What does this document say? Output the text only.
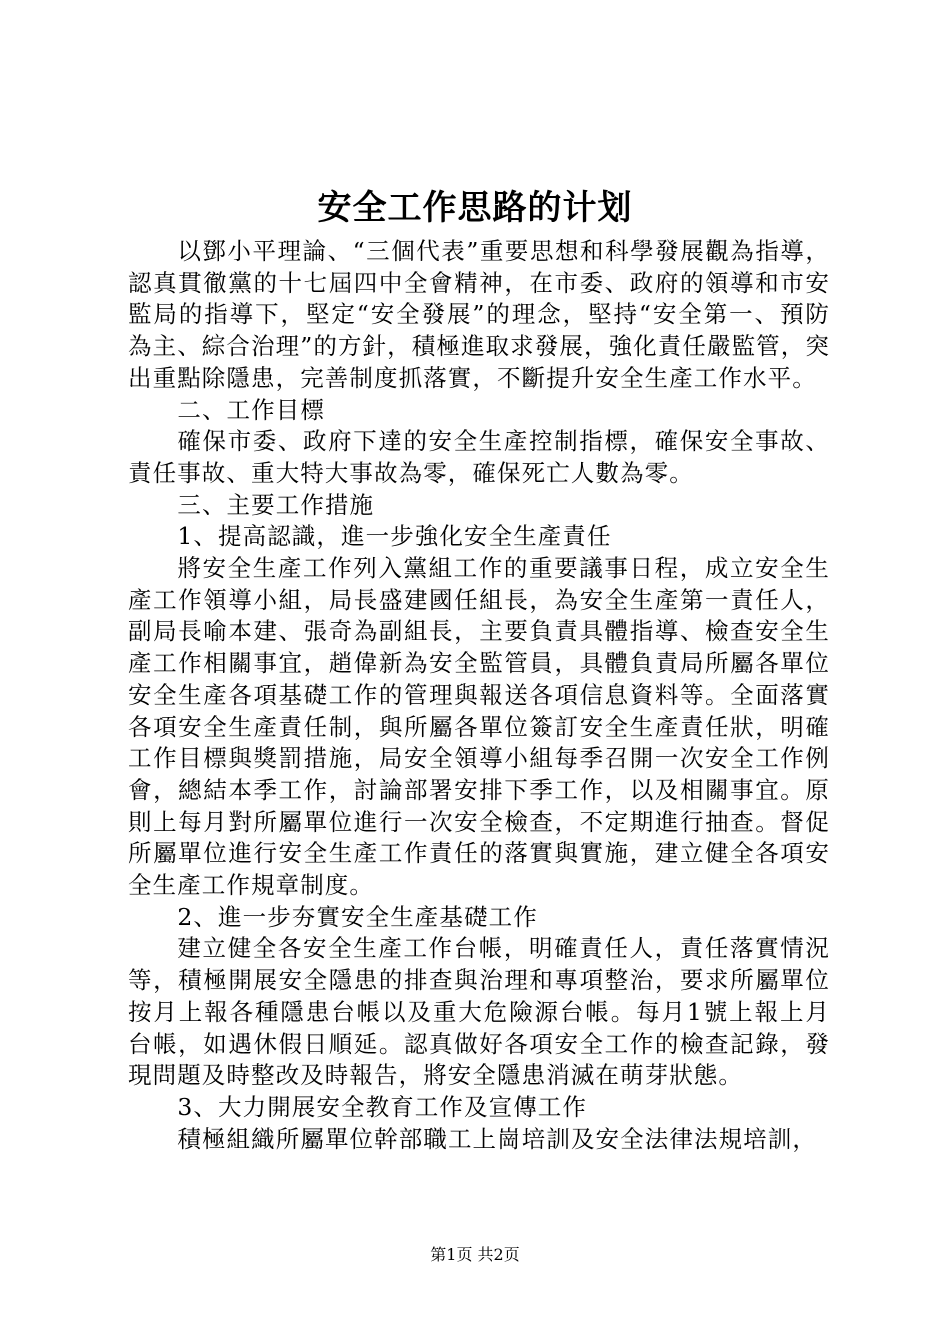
安全工作思路的计划

以鄧小平理論、“三個代表”重要思想和科學發展觀為指導，認真貫徹黨的十七屆四中全會精神，在市委、政府的領導和市安監局的指導下，堅定“安全發展”的理念，堅持“安全第一、預防為主、綜合治理”的方針，積極進取求發展，強化責任嚴監管，突出重點除隱患，完善制度抓落實，不斷提升安全生產工作水平。

二、工作目標

確保市委、政府下達的安全生產控制指標，確保安全事故、責任事故、重大特大事故為零，確保死亡人數為零。

三、主要工作措施

1、提高認識，進一步強化安全生產責任

將安全生產工作列入黨組工作的重要議事日程，成立安全生產工作領導小組，局長盛建國任組長，為安全生產第一責任人，副局長喻本建、張奇為副組長，主要負責具體指導、檢查安全生產工作相關事宜，趙偉新為安全監管員，具體負責局所屬各單位安全生產各項基礎工作的管理與報送各項信息資料等。全面落實各項安全生產責任制，與所屬各單位簽訂安全生產責任狀，明確工作目標與獎罰措施，局安全領導小組每季召開一次安全工作例會，總結本季工作，討論部署安排下季工作，以及相關事宜。原則上每月對所屬單位進行一次安全檢查，不定期進行抽查。督促所屬單位進行安全生產工作責任的落實與實施，建立健全各項安全生產工作規章制度。

2、進一步夯實安全生產基礎工作

建立健全各安全生產工作台帳，明確責任人，責任落實情況等，積極開展安全隱患的排查與治理和專項整治，要求所屬單位按月上報各種隱患台帳以及重大危險源台帳。每月1號上報上月台帳，如遇休假日順延。認真做好各項安全工作的檢查記錄，發現問題及時整改及時報告，將安全隱患消滅在萌芽狀態。

3、大力開展安全教育工作及宣傳工作

積極組織所屬單位幹部職工上崗培訓及安全法律法規培訓，

第1页 共2页
